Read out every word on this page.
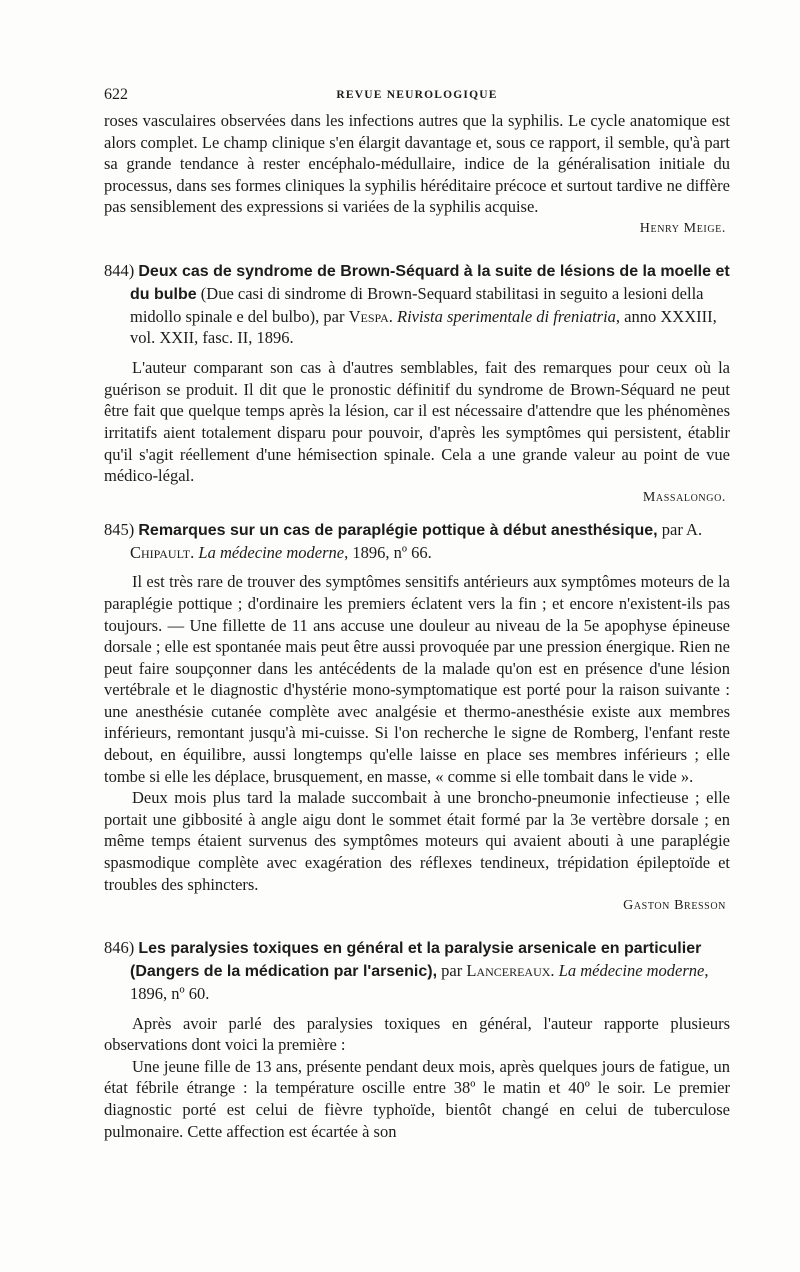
622	REVUE NEUROLOGIQUE

roses vasculaires observées dans les infections autres que la syphilis. Le cycle anatomique est alors complet. Le champ clinique s'en élargit davantage et, sous ce rapport, il semble, qu'à part sa grande tendance à rester encéphalo-médullaire, indice de la généralisation initiale du processus, dans ses formes cliniques la syphilis héréditaire précoce et surtout tardive ne diffère pas sensiblement des expressions si variées de la syphilis acquise.

Henry Meige.
844) Deux cas de syndrome de Brown-Séquard à la suite de lésions de la moelle et du bulbe (Due casi di sindrome di Brown-Sequard stabilitasi in seguito a lesioni della midollo spinale e del bulbo), par Vespa. Rivista sperimentale di freniatria, anno XXXIII, vol. XXII, fasc. II, 1896.

L'auteur comparant son cas à d'autres semblables, fait des remarques pour ceux où la guérison se produit. Il dit que le pronostic définitif du syndrome de Brown-Séquard ne peut être fait que quelque temps après la lésion, car il est nécessaire d'attendre que les phénomènes irritatifs aient totalement disparu pour pouvoir, d'après les symptômes qui persistent, établir qu'il s'agit réellement d'une hémisection spinale. Cela a une grande valeur au point de vue médico-légal.

Massalongo.
845) Remarques sur un cas de paraplégie pottique à début anesthésique, par A. Chipault. La médecine moderne, 1896, nº 66.

Il est très rare de trouver des symptômes sensitifs antérieurs aux symptômes moteurs de la paraplégie pottique ; d'ordinaire les premiers éclatent vers la fin ; et encore n'existent-ils pas toujours. — Une fillette de 11 ans accuse une douleur au niveau de la 5e apophyse épineuse dorsale ; elle est spontanée mais peut être aussi provoquée par une pression énergique. Rien ne peut faire soupçonner dans les antécédents de la malade qu'on est en présence d'une lésion vertébrale et le diagnostic d'hystérie mono-symptomatique est porté pour la raison suivante : une anesthésie cutanée complète avec analgésie et thermo-anesthésie existe aux membres inférieurs, remontant jusqu'à mi-cuisse. Si l'on recherche le signe de Romberg, l'enfant reste debout, en équilibre, aussi longtemps qu'elle laisse en place ses membres inférieurs ; elle tombe si elle les déplace, brusquement, en masse, « comme si elle tombait dans le vide ».

Deux mois plus tard la malade succombait à une broncho-pneumonie infectieuse ; elle portait une gibbosité à angle aigu dont le sommet était formé par la 3e vertèbre dorsale ; en même temps étaient survenus des symptômes moteurs qui avaient abouti à une paraplégie spasmodique complète avec exagération des réflexes tendineux, trépidation épileptoïde et troubles des sphincters.

Gaston Bresson
846) Les paralysies toxiques en général et la paralysie arsenicale en particulier (Dangers de la médication par l'arsenic), par Lancereaux. La médecine moderne, 1896, nº 60.

Après avoir parlé des paralysies toxiques en général, l'auteur rapporte plusieurs observations dont voici la première :

Une jeune fille de 13 ans, présente pendant deux mois, après quelques jours de fatigue, un état fébrile étrange : la température oscille entre 38º le matin et 40º le soir. Le premier diagnostic porté est celui de fièvre typhoïde, bientôt changé en celui de tuberculose pulmonaire. Cette affection est écartée à son
